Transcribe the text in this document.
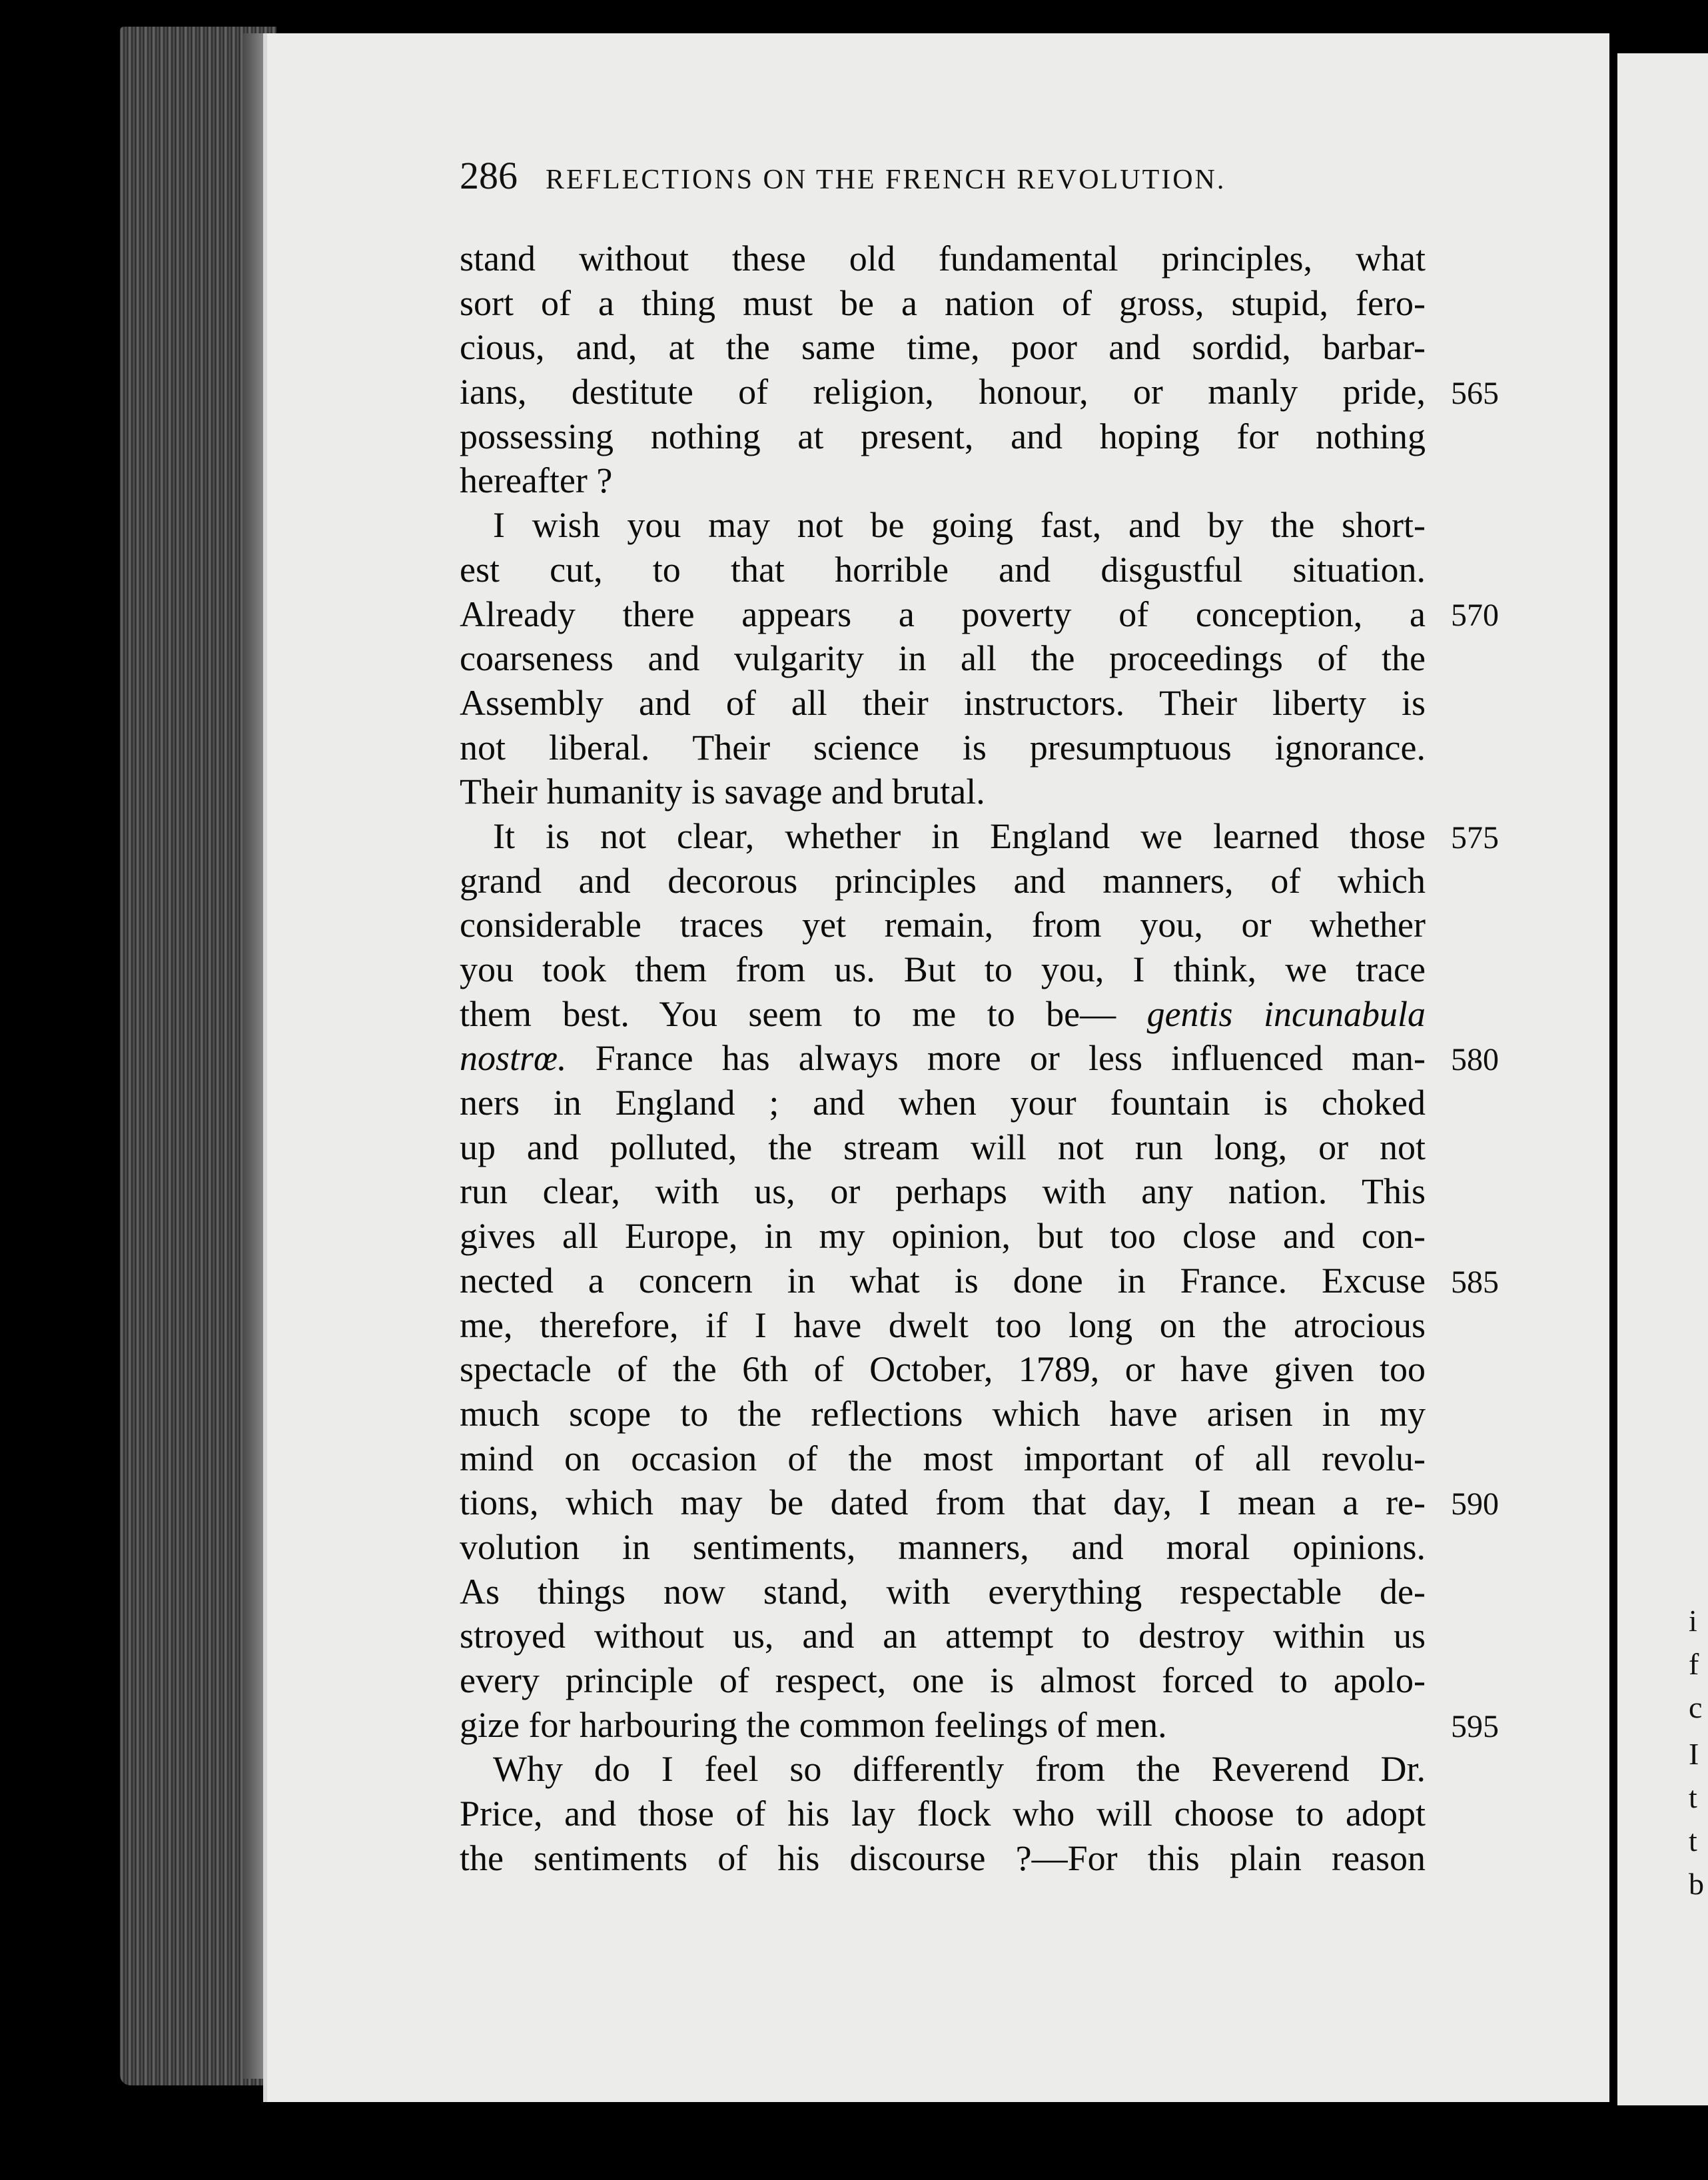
i
f
c
I
t
t
b
286 REFLECTIONS ON THE FRENCH REVOLUTION.
stand without these old fundamental principles, what
sort of a thing must be a nation of gross, stupid, fero-
cious, and, at the same time, poor and sordid, barbar-
ians, destitute of religion, honour, or manly pride,
possessing nothing at present, and hoping for nothing
hereafter ?
I wish you may not be going fast, and by the short-
est cut, to that horrible and disgustful situation.
Already there appears a poverty of conception, a
coarseness and vulgarity in all the proceedings of the
Assembly and of all their instructors. Their liberty is
not liberal. Their science is presumptuous ignorance.
Their humanity is savage and brutal.
It is not clear, whether in England we learned those
grand and decorous principles and manners, of which
considerable traces yet remain, from you, or whether
you took them from us. But to you, I think, we trace
them best. You seem to me to be— gentis incunabula
nostrœ. France has always more or less influenced man-
ners in England ; and when your fountain is choked
up and polluted, the stream will not run long, or not
run clear, with us, or perhaps with any nation. This
gives all Europe, in my opinion, but too close and con-
nected a concern in what is done in France. Excuse
me, therefore, if I have dwelt too long on the atrocious
spectacle of the 6th of October, 1789, or have given too
much scope to the reflections which have arisen in my
mind on occasion of the most important of all revolu-
tions, which may be dated from that day, I mean a re-
volution in sentiments, manners, and moral opinions.
As things now stand, with everything respectable de-
stroyed without us, and an attempt to destroy within us
every principle of respect, one is almost forced to apolo-
gize for harbouring the common feelings of men.
Why do I feel so differently from the Reverend Dr.
Price, and those of his lay flock who will choose to adopt
the sentiments of his discourse ?—For this plain reason
565
570
575
580
585
590
595
